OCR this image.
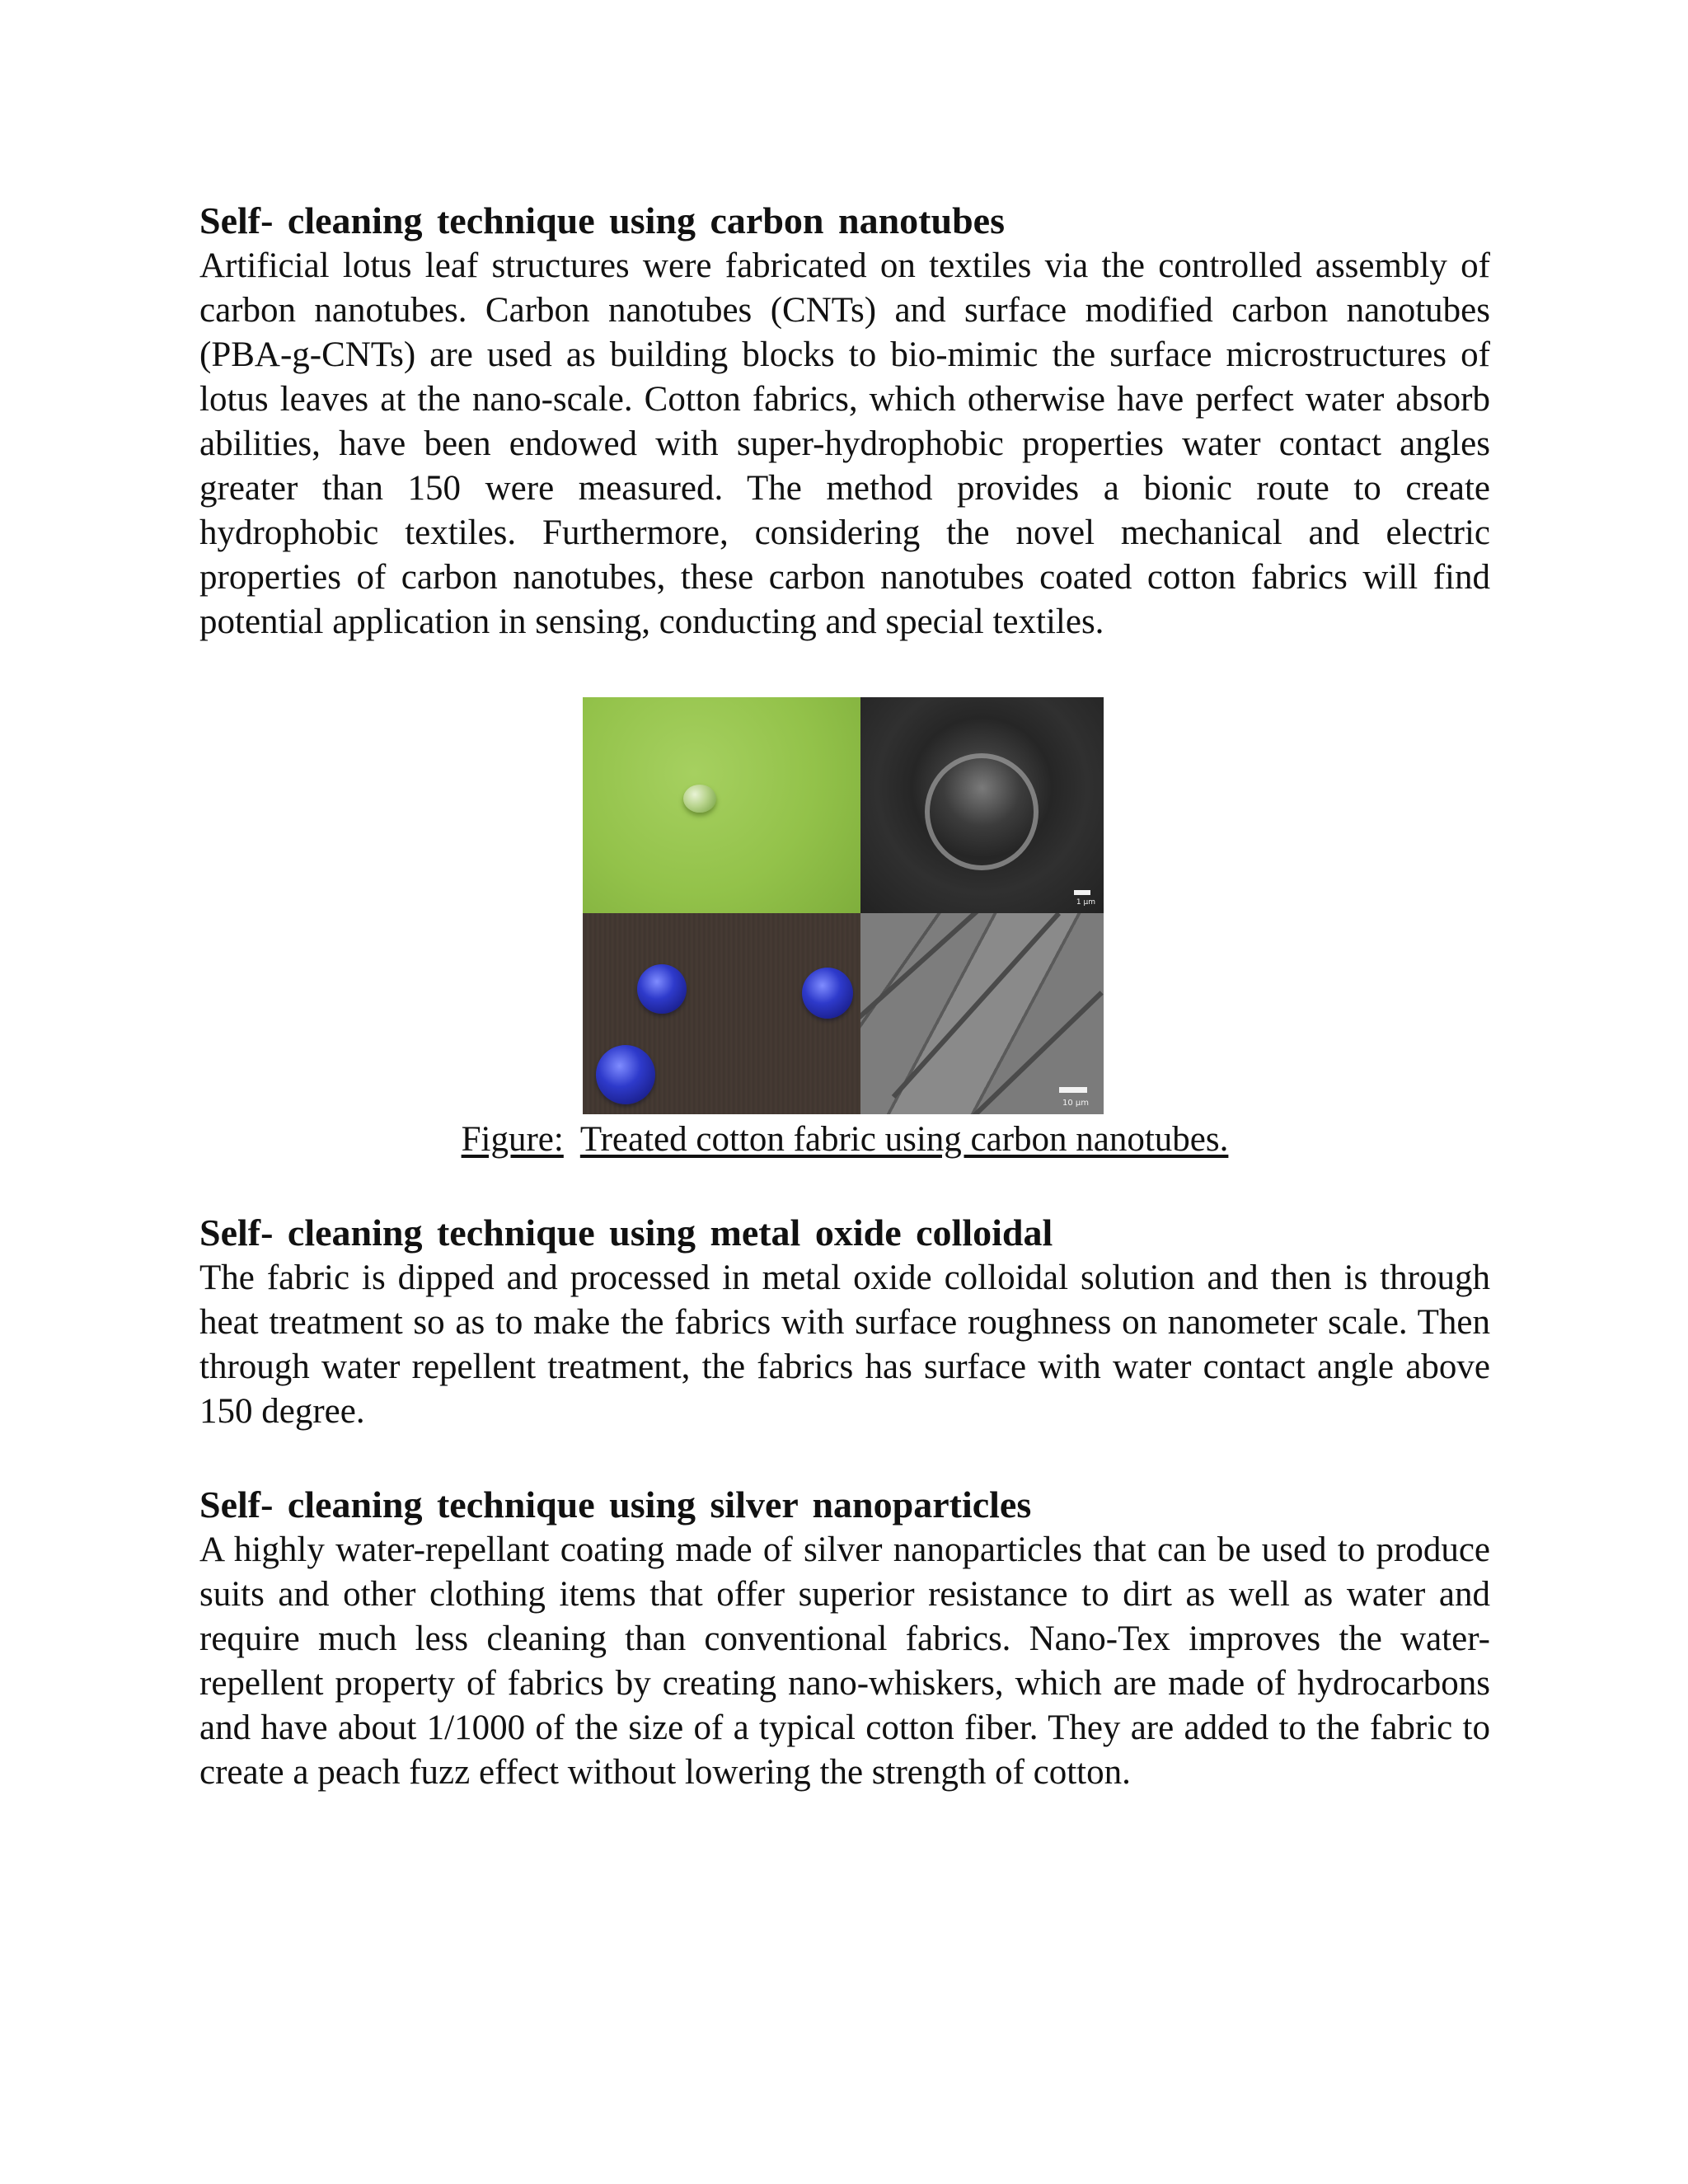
Self- cleaning technique using carbon nanotubes

Artificial lotus leaf structures were fabricated on textiles via the controlled assembly of carbon nanotubes. Carbon nanotubes (CNTs) and surface modified carbon nanotubes (PBA-g-CNTs) are used as building blocks to bio-mimic the surface microstructures of lotus leaves at the nano-scale. Cotton fabrics, which otherwise have perfect water absorb abilities, have been endowed with super-hydrophobic properties water contact angles greater than 150 were measured. The method provides a bionic route to create hydrophobic textiles. Furthermore, considering the novel mechanical and electric properties of carbon nanotubes, these carbon nanotubes coated cotton fabrics will find potential application in sensing, conducting and special textiles.

1 µm
10 µm
Figure: Treated cotton fabric using carbon nanotubes.
Self- cleaning technique using metal oxide colloidal

The fabric is dipped and processed in metal oxide colloidal solution and then is through heat treatment so as to make the fabrics with surface roughness on nanometer scale. Then through water repellent treatment, the fabrics has surface with water contact angle above 150 degree.

Self- cleaning technique using silver nanoparticles

A highly water-repellant coating made of silver nanoparticles that can be used to produce suits and other clothing items that offer superior resistance to dirt as well as water and require much less cleaning than conventional fabrics. Nano-Tex improves the water-repellent property of fabrics by creating nano-whiskers, which are made of hydrocarbons and have about 1/1000 of the size of a typical cotton fiber. They are added to the fabric to create a peach fuzz effect without lowering the strength of cotton.
